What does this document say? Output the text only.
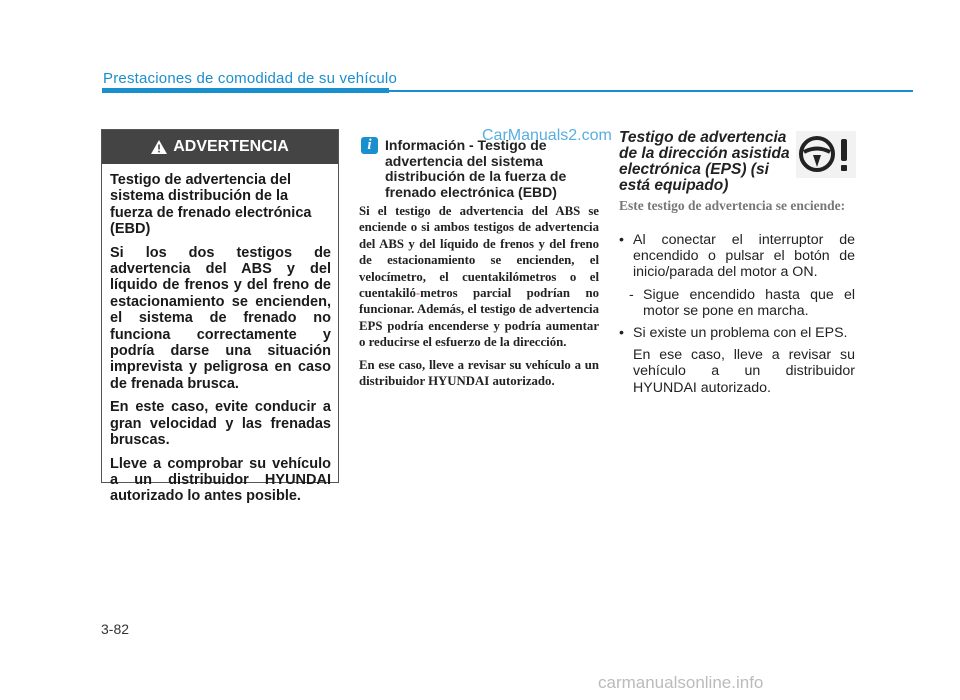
Prestaciones de comodidad de su vehículo
ADVERTENCIA

Testigo de advertencia del sistema distribución de la fuerza de frenado electrónica (EBD)

Si los dos testigos de advertencia del ABS y del líquido de frenos y del freno de estacionamiento se encienden, el sistema de frenado no funciona correctamente y podría darse una situación imprevista y peligrosa en caso de frenada brusca.

En este caso, evite conducir a gran velocidad y las frenadas bruscas.

Lleve a comprobar su vehículo a un distribuidor HYUNDAI autorizado lo antes posible.

i Información - Testigo de advertencia del sistema distribución de la fuerza de frenado electrónica (EBD)
CarManuals2.com

Si el testigo de advertencia del ABS se enciende o si ambos testigos de advertencia del ABS y del líquido de frenos y del freno de estacionamiento se encienden, el velocímetro, el cuentakilómetros o el cuentakiló-metros parcial podrían no funcionar. Además, el testigo de advertencia EPS podría encenderse y podría aumentar o reducirse el esfuerzo de la dirección.

En ese caso, lleve a revisar su vehículo a un distribuidor HYUNDAI autorizado.

Testigo de advertencia de la dirección asistida electrónica (EPS) (si está equipado)
Este testigo de advertencia se enciende:
• Al conectar el interruptor de encendido o pulsar el botón de inicio/parada del motor a ON.
- Sigue encendido hasta que el motor se pone en marcha.
• Si existe un problema con el EPS.
En ese caso, lleve a revisar su vehículo a un distribuidor HYUNDAI autorizado.
3-82
carmanualsonline.info
